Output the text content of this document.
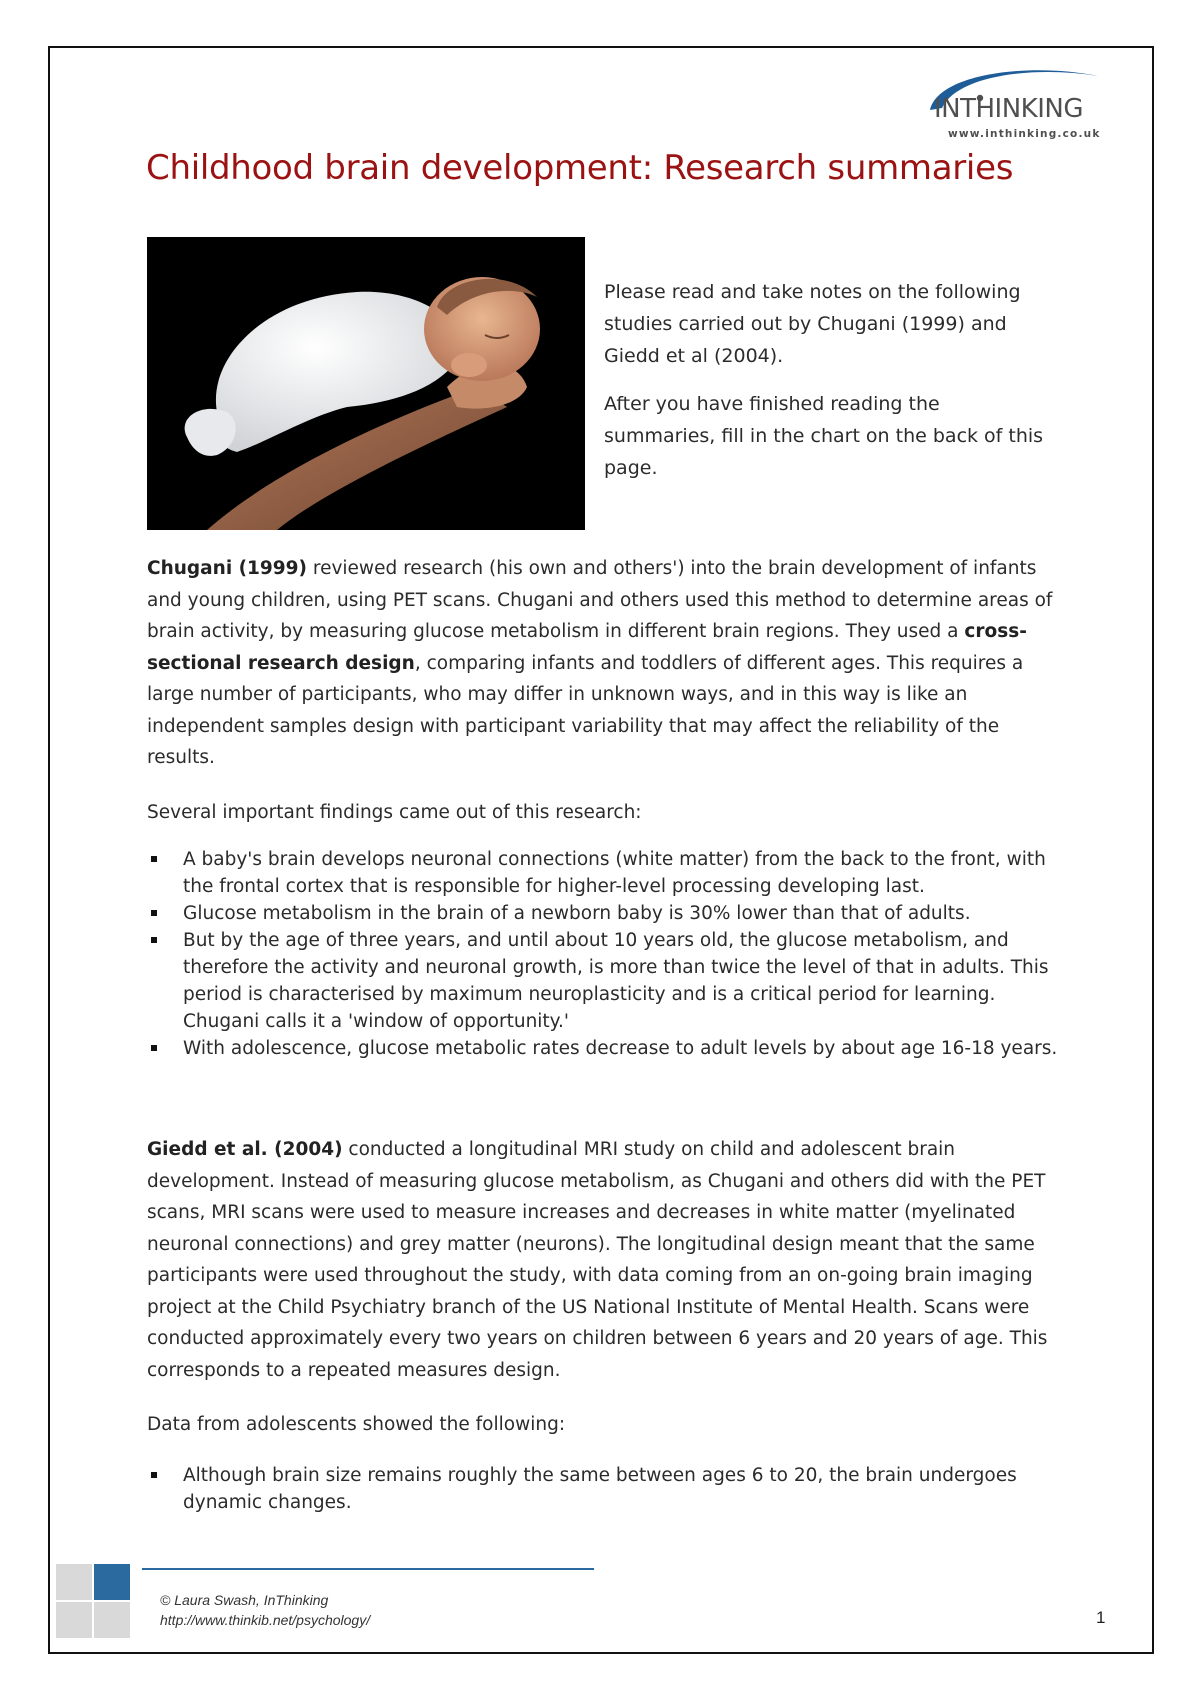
INTHINKING
www.inthinking.co.uk
Childhood brain development: Research summaries

Please read and take notes on the following studies carried out by Chugani (1999) and Giedd et al (2004).

After you have finished reading the summaries, fill in the chart on the back of this page.

Chugani (1999) reviewed research (his own and others') into the brain development of infants and young children, using PET scans. Chugani and others used this method to determine areas of brain activity, by measuring glucose metabolism in different brain regions. They used a cross-sectional research design, comparing infants and toddlers of different ages. This requires a large number of participants, who may differ in unknown ways, and in this way is like an independent samples design with participant variability that may affect the reliability of the results.

Several important findings came out of this research:

A baby's brain develops neuronal connections (white matter) from the back to the front, with the frontal cortex that is responsible for higher-level processing developing last.
Glucose metabolism in the brain of a newborn baby is 30% lower than that of adults.
But by the age of three years, and until about 10 years old, the glucose metabolism, and therefore the activity and neuronal growth, is more than twice the level of that in adults. This period is characterised by maximum neuroplasticity and is a critical period for learning. Chugani calls it a 'window of opportunity.'
With adolescence, glucose metabolic rates decrease to adult levels by about age 16-18 years.

Giedd et al. (2004) conducted a longitudinal MRI study on child and adolescent brain development. Instead of measuring glucose metabolism, as Chugani and others did with the PET scans, MRI scans were used to measure increases and decreases in white matter (myelinated neuronal connections) and grey matter (neurons). The longitudinal design meant that the same participants were used throughout the study, with data coming from an on-going brain imaging project at the Child Psychiatry branch of the US National Institute of Mental Health. Scans were conducted approximately every two years on children between 6 years and 20 years of age. This corresponds to a repeated measures design.

Data from adolescents showed the following:

Although brain size remains roughly the same between ages 6 to 20, the brain undergoes dynamic changes.
© Laura Swash, InThinking
http://www.thinkib.net/psychology/	1
